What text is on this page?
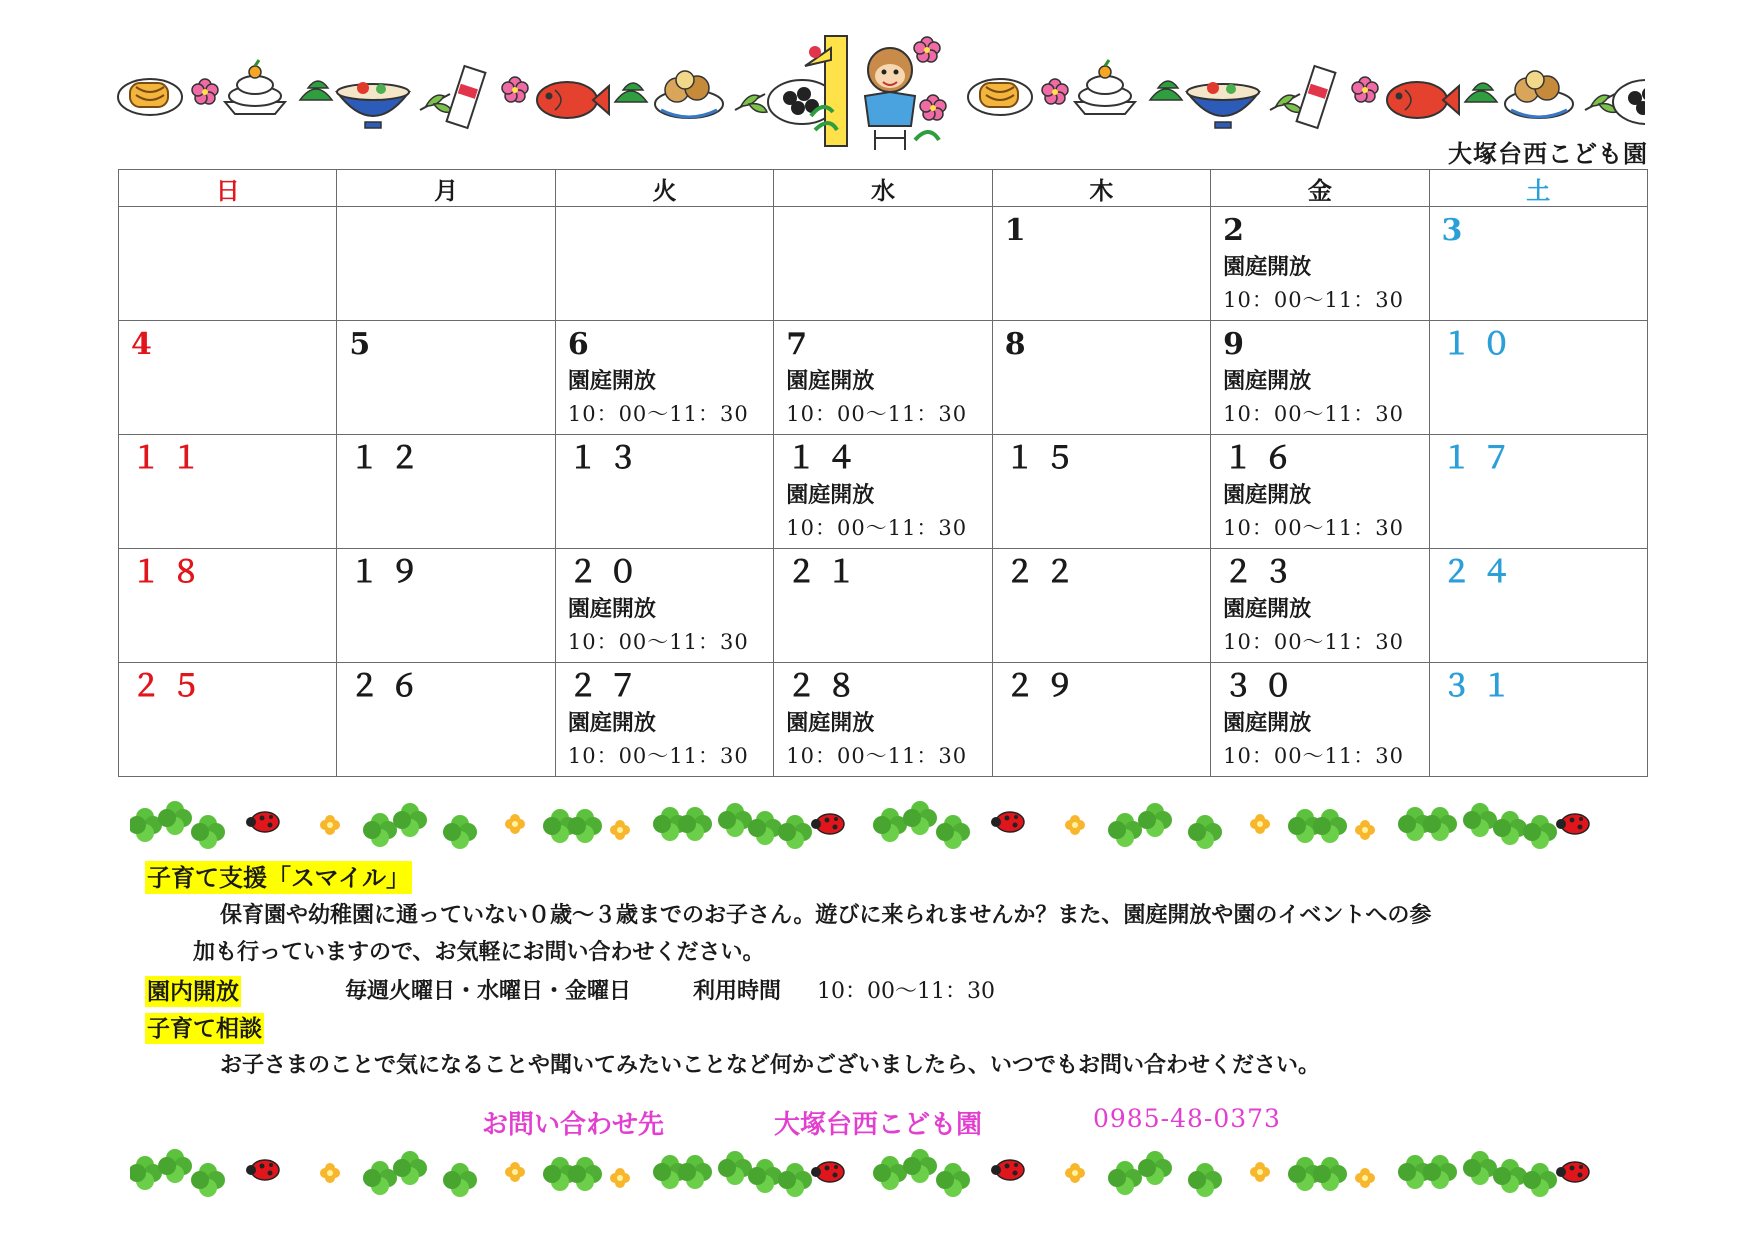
大塚台西こども園
日	月	火	水	木	金	土

				1	2
園庭開放
10：00～11：30	3

4	5	6
園庭開放
10：00～11：30	7
園庭開放
10：00～11：30	8	9
園庭開放
10：00～11：30	１０

１１	１２	１３	１４
園庭開放
10：00～11：30	１５	１６
園庭開放
10：00～11：30	１７

１８	１９	２０
園庭開放
10：00～11：30	２１	２２	２３
園庭開放
10：00～11：30	２４

２５	２６	２７
園庭開放
10：00～11：30	２８
園庭開放
10：00～11：30	２９	３０
園庭開放
10：00～11：30	３１
子育て支援「スマイル」
保育園や幼稚園に通っていない０歳～３歳までのお子さん。遊びに来られませんか？また、園庭開放や園のイベントへの参
加も行っていますので、お気軽にお問い合わせください。
園内開放	毎週火曜日・水曜日・金曜日	利用時間 10：00～11：30
子育て相談
お子さまのことで気になることや聞いてみたいことなど何かございましたら、いつでもお問い合わせください。
お問い合わせ先	大塚台西こども園	0985-48-0373
